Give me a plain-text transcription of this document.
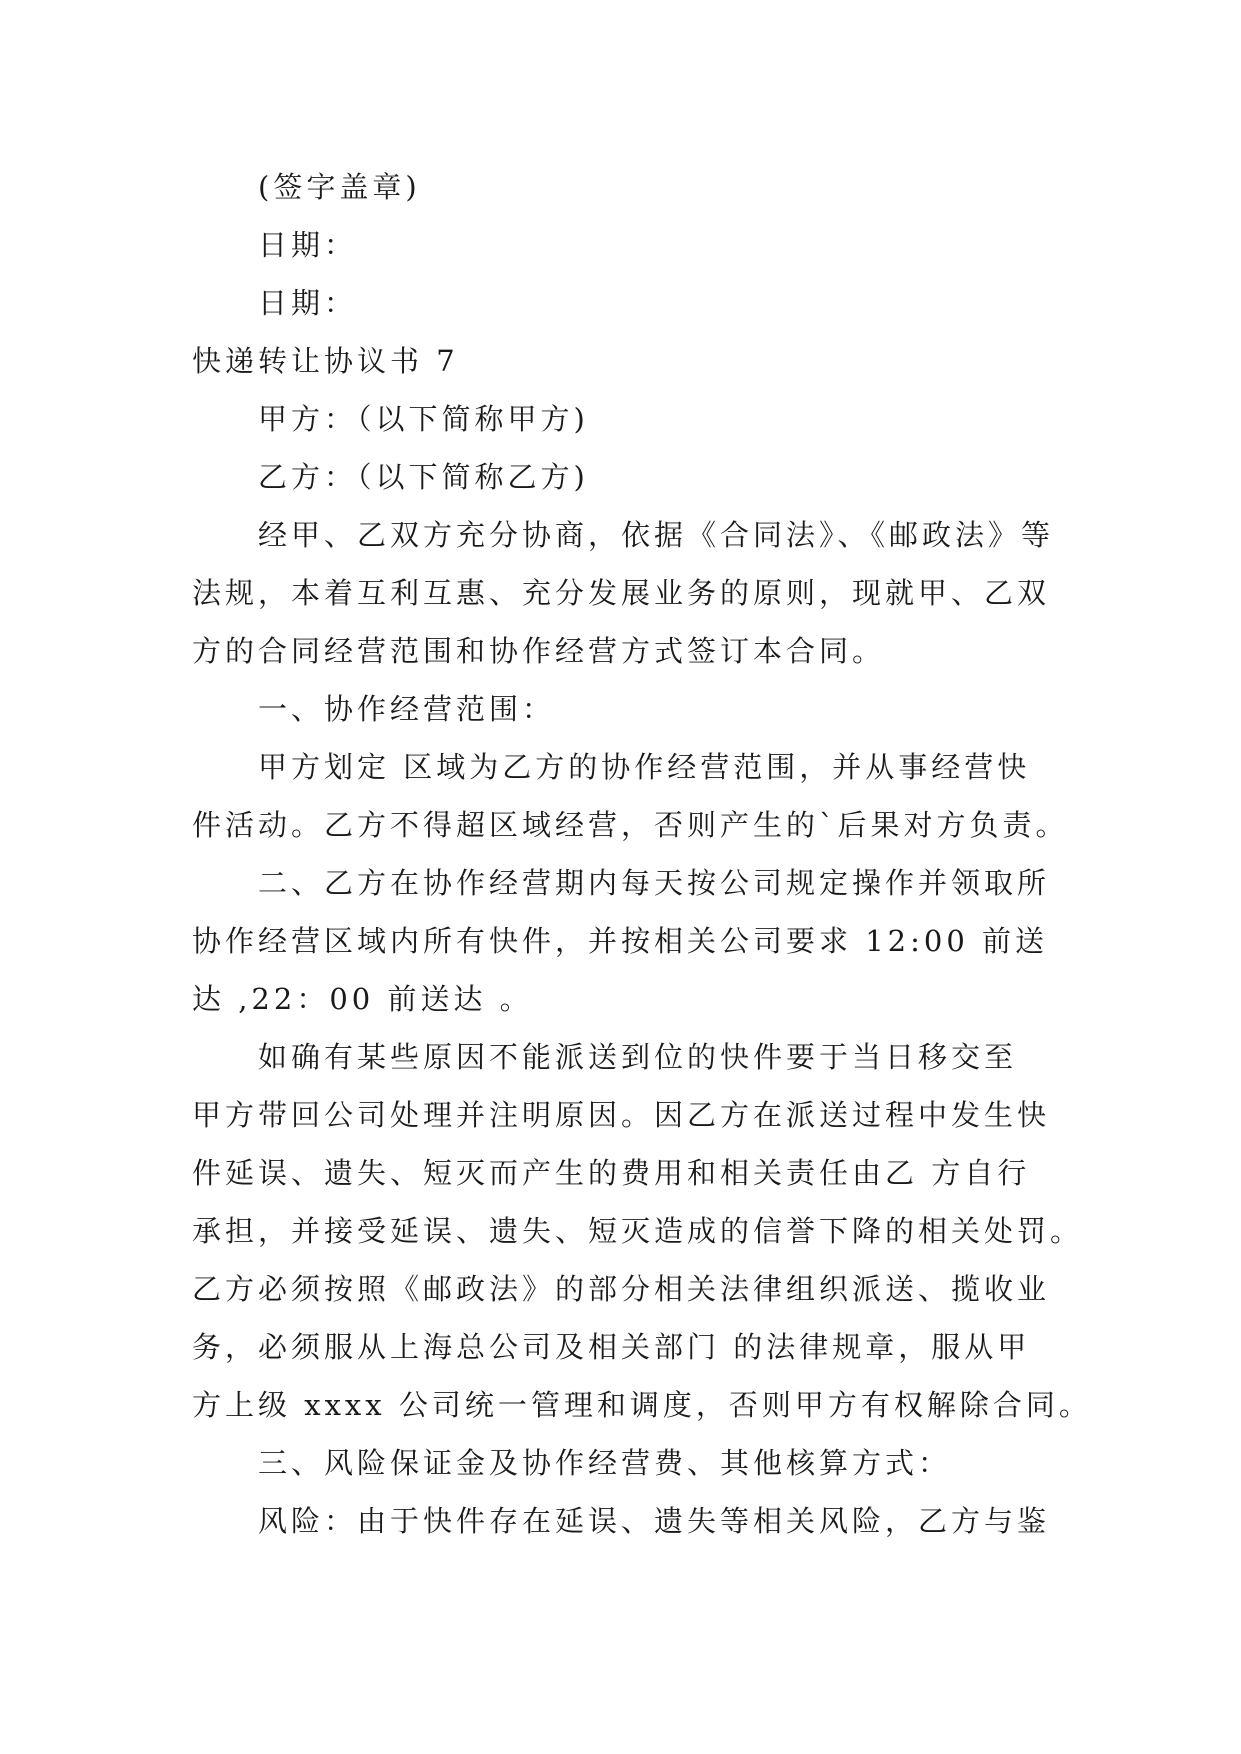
(签字盖章)
日期：
日期：
快递转让协议书 7
甲方：（以下简称甲方)
乙方：（以下简称乙方)
经甲、乙双方充分协商，依据《合同法》、《邮政法》等
法规，本着互利互惠、充分发展业务的原则，现就甲、乙双
方的合同经营范围和协作经营方式签订本合同。
一、协作经营范围：
甲方划定 区域为乙方的协作经营范围，并从事经营快
件活动。乙方不得超区域经营，否则产生的`后果对方负责。
二、乙方在协作经营期内每天按公司规定操作并领取所
协作经营区域内所有快件，并按相关公司要求 12:00 前送
达 ,22：00 前送达 。
如确有某些原因不能派送到位的快件要于当日移交至
甲方带回公司处理并注明原因。因乙方在派送过程中发生快
件延误、遗失、短灭而产生的费用和相关责任由乙 方自行
承担，并接受延误、遗失、短灭造成的信誉下降的相关处罚。
乙方必须按照《邮政法》的部分相关法律组织派送、揽收业
务，必须服从上海总公司及相关部门 的法律规章，服从甲
方上级 xxxx 公司统一管理和调度，否则甲方有权解除合同。
三、风险保证金及协作经营费、其他核算方式：
风险：由于快件存在延误、遗失等相关风险，乙方与鉴
